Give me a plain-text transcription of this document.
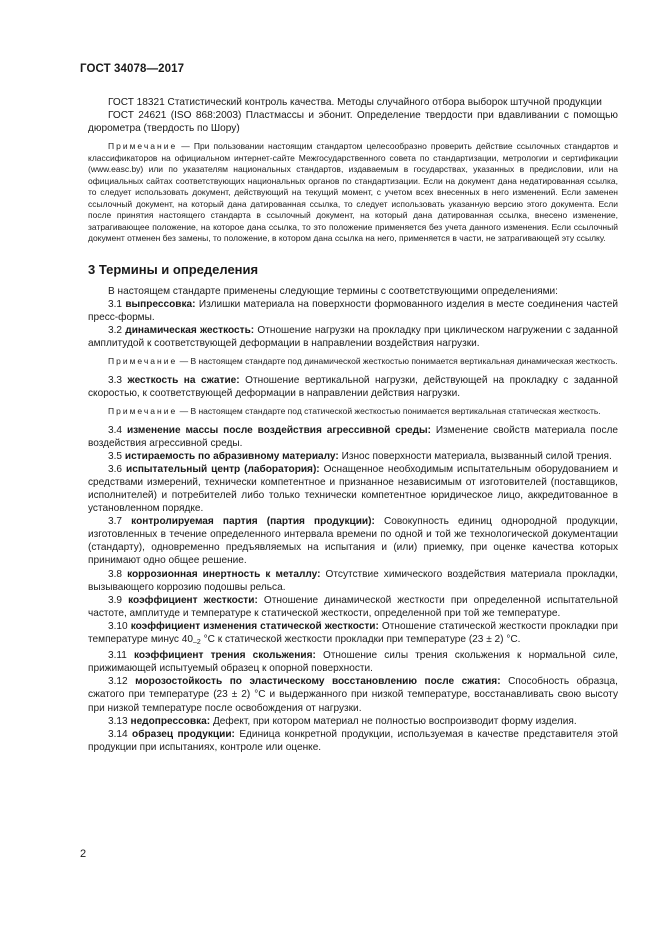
ГОСТ 34078—2017

ГОСТ 18321 Статистический контроль качества. Методы случайного отбора выборок штучной продукции

ГОСТ 24621 (ISO 868:2003) Пластмассы и эбонит. Определение твердости при вдавливании с помощью дюрометра (твердость по Шору)

Примечание — При пользовании настоящим стандартом целесообразно проверить действие ссылочных стандартов и классификаторов на официальном интернет-сайте Межгосударственного совета по стандартизации, метрологии и сертификации (www.easc.by) или по указателям национальных стандартов, издаваемым в государствах, указанных в предисловии, или на официальных сайтах соответствующих национальных органов по стандартизации. Если на документ дана недатированная ссылка, то следует использовать документ, действующий на текущий момент, с учетом всех внесенных в него изменений. Если заменен ссылочный документ, на который дана датированная ссылка, то следует использовать указанную версию этого документа. Если после принятия настоящего стандарта в ссылочный документ, на который дана датированная ссылка, внесено изменение, затрагивающее положение, на которое дана ссылка, то это положение применяется без учета данного изменения. Если ссылочный документ отменен без замены, то положение, в котором дана ссылка на него, применяется в части, не затрагивающей эту ссылку.

3 Термины и определения

В настоящем стандарте применены следующие термины с соответствующими определениями:

3.1 выпрессовка: Излишки материала на поверхности формованного изделия в месте соединения частей пресс-формы.

3.2 динамическая жесткость: Отношение нагрузки на прокладку при циклическом нагружении с заданной амплитудой к соответствующей деформации в направлении воздействия нагрузки.

Примечание — В настоящем стандарте под динамической жесткостью понимается вертикальная динамическая жесткость.

3.3 жесткость на сжатие: Отношение вертикальной нагрузки, действующей на прокладку с заданной скоростью, к соответствующей деформации в направлении действия нагрузки.

Примечание — В настоящем стандарте под статической жесткостью понимается вертикальная статическая жесткость.

3.4 изменение массы после воздействия агрессивной среды: Изменение свойств материала после воздействия агрессивной среды.

3.5 истираемость по абразивному материалу: Износ поверхности материала, вызванный силой трения.

3.6 испытательный центр (лаборатория): Оснащенное необходимым испытательным оборудованием и средствами измерений, технически компетентное и признанное независимым от изготовителей (поставщиков, исполнителей) и потребителей либо только технически компетентное юридическое лицо, аккредитованное в установленном порядке.

3.7 контролируемая партия (партия продукции): Совокупность единиц однородной продукции, изготовленных в течение определенного интервала времени по одной и той же технологической документации (стандарту), одновременно предъявляемых на испытания и (или) приемку, при оценке качества которых принимают одно общее решение.

3.8 коррозионная инертность к металлу: Отсутствие химического воздействия материала прокладки, вызывающего коррозию подошвы рельса.

3.9 коэффициент жесткости: Отношение динамической жесткости при определенной испытательной частоте, амплитуде и температуре к статической жесткости, определенной при той же температуре.

3.10 коэффициент изменения статической жесткости: Отношение статической жесткости прокладки при температуре минус $40_{-2}$ °С к статической жесткости прокладки при температуре (23 ± 2) °С.

3.11 коэффициент трения скольжения: Отношение силы трения скольжения к нормальной силе, прижимающей испытуемый образец к опорной поверхности.

3.12 морозостойкость по эластическому восстановлению после сжатия: Способность образца, сжатого при температуре (23 ± 2) °С и выдержанного при низкой температуре, восстанавливать свою высоту при низкой температуре после освобождения от нагрузки.

3.13 недопрессовка: Дефект, при котором материал не полностью воспроизводит форму изделия.

3.14 образец продукции: Единица конкретной продукции, используемая в качестве представителя этой продукции при испытаниях, контроле или оценке.

2
